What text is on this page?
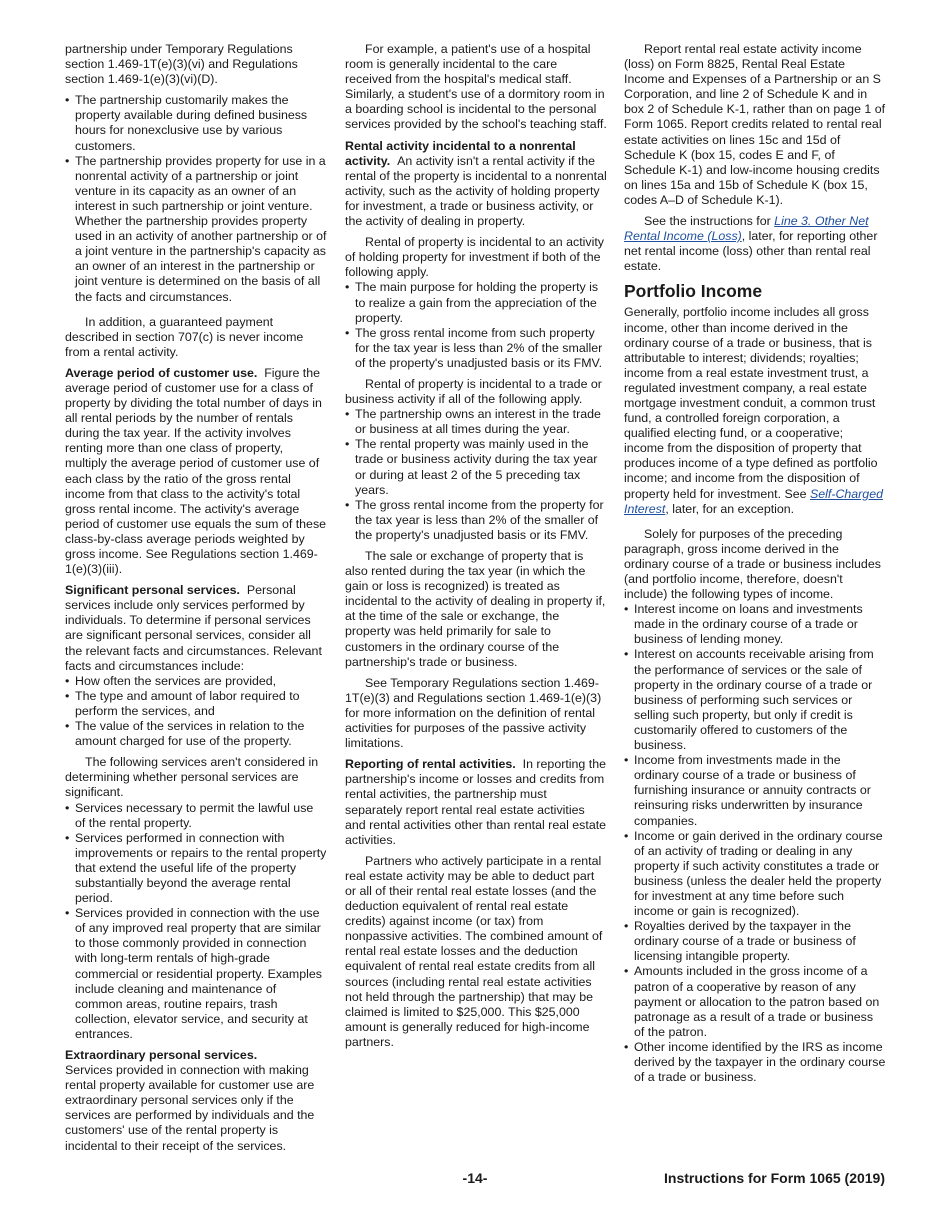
partnership under Temporary Regulations section 1.469-1T(e)(3)(vi) and Regulations section 1.469-1(e)(3)(vi)(D).

• The partnership customarily makes the property available during defined business hours for nonexclusive use by various customers.

• The partnership provides property for use in a nonrental activity of a partnership or joint venture in its capacity as an owner of an interest in such partnership or joint venture. Whether the partnership provides property used in an activity of another partnership or of a joint venture in the partnership's capacity as an owner of an interest in the partnership or joint venture is determined on the basis of all the facts and circumstances.

In addition, a guaranteed payment described in section 707(c) is never income from a rental activity.

Average period of customer use. Figure the average period of customer use for a class of property by dividing the total number of days in all rental periods by the number of rentals during the tax year. If the activity involves renting more than one class of property, multiply the average period of customer use of each class by the ratio of the gross rental income from that class to the activity's total gross rental income. The activity's average period of customer use equals the sum of these class-by-class average periods weighted by gross income. See Regulations section 1.469-1(e)(3)(iii).

Significant personal services. Personal services include only services performed by individuals. To determine if personal services are significant personal services, consider all the relevant facts and circumstances. Relevant facts and circumstances include:

• How often the services are provided,

• The type and amount of labor required to perform the services, and

• The value of the services in relation to the amount charged for use of the property.

The following services aren't considered in determining whether personal services are significant.

• Services necessary to permit the lawful use of the rental property.

• Services performed in connection with improvements or repairs to the rental property that extend the useful life of the property substantially beyond the average rental period.

• Services provided in connection with the use of any improved real property that are similar to those commonly provided in connection with long-term rentals of high-grade commercial or residential property. Examples include cleaning and maintenance of common areas, routine repairs, trash collection, elevator service, and security at entrances.

Extraordinary personal services.
Services provided in connection with making rental property available for customer use are extraordinary personal services only if the services are performed by individuals and the customers' use of the rental property is incidental to their receipt of the services.

For example, a patient's use of a hospital room is generally incidental to the care received from the hospital's medical staff. Similarly, a student's use of a dormitory room in a boarding school is incidental to the personal services provided by the school's teaching staff.

Rental activity incidental to a nonrental activity. An activity isn't a rental activity if the rental of the property is incidental to a nonrental activity, such as the activity of holding property for investment, a trade or business activity, or the activity of dealing in property.

Rental of property is incidental to an activity of holding property for investment if both of the following apply.

• The main purpose for holding the property is to realize a gain from the appreciation of the property.

• The gross rental income from such property for the tax year is less than 2% of the smaller of the property's unadjusted basis or its FMV.

Rental of property is incidental to a trade or business activity if all of the following apply.

• The partnership owns an interest in the trade or business at all times during the year.

• The rental property was mainly used in the trade or business activity during the tax year or during at least 2 of the 5 preceding tax years.

• The gross rental income from the property for the tax year is less than 2% of the smaller of the property's unadjusted basis or its FMV.

The sale or exchange of property that is also rented during the tax year (in which the gain or loss is recognized) is treated as incidental to the activity of dealing in property if, at the time of the sale or exchange, the property was held primarily for sale to customers in the ordinary course of the partnership's trade or business.

See Temporary Regulations section 1.469-1T(e)(3) and Regulations section 1.469-1(e)(3) for more information on the definition of rental activities for purposes of the passive activity limitations.

Reporting of rental activities. In reporting the partnership's income or losses and credits from rental activities, the partnership must separately report rental real estate activities and rental activities other than rental real estate activities.

Partners who actively participate in a rental real estate activity may be able to deduct part or all of their rental real estate losses (and the deduction equivalent of rental real estate credits) against income (or tax) from nonpassive activities. The combined amount of rental real estate losses and the deduction equivalent of rental real estate credits from all sources (including rental real estate activities not held through the partnership) that may be claimed is limited to $25,000. This $25,000 amount is generally reduced for high-income partners.

Report rental real estate activity income (loss) on Form 8825, Rental Real Estate Income and Expenses of a Partnership or an S Corporation, and line 2 of Schedule K and in box 2 of Schedule K-1, rather than on page 1 of Form 1065. Report credits related to rental real estate activities on lines 15c and 15d of Schedule K (box 15, codes E and F, of Schedule K-1) and low-income housing credits on lines 15a and 15b of Schedule K (box 15, codes A–D of Schedule K-1).

See the instructions for Line 3. Other Net Rental Income (Loss), later, for reporting other net rental income (loss) other than rental real estate.

Portfolio Income

Generally, portfolio income includes all gross income, other than income derived in the ordinary course of a trade or business, that is attributable to interest; dividends; royalties; income from a real estate investment trust, a regulated investment company, a real estate mortgage investment conduit, a common trust fund, a controlled foreign corporation, a qualified electing fund, or a cooperative; income from the disposition of property that produces income of a type defined as portfolio income; and income from the disposition of property held for investment. See Self-Charged Interest, later, for an exception.

Solely for purposes of the preceding paragraph, gross income derived in the ordinary course of a trade or business includes (and portfolio income, therefore, doesn't include) the following types of income.

• Interest income on loans and investments made in the ordinary course of a trade or business of lending money.

• Interest on accounts receivable arising from the performance of services or the sale of property in the ordinary course of a trade or business of performing such services or selling such property, but only if credit is customarily offered to customers of the business.

• Income from investments made in the ordinary course of a trade or business of furnishing insurance or annuity contracts or reinsuring risks underwritten by insurance companies.

• Income or gain derived in the ordinary course of an activity of trading or dealing in any property if such activity constitutes a trade or business (unless the dealer held the property for investment at any time before such income or gain is recognized).

• Royalties derived by the taxpayer in the ordinary course of a trade or business of licensing intangible property.

• Amounts included in the gross income of a patron of a cooperative by reason of any payment or allocation to the patron based on patronage as a result of a trade or business of the patron.

• Other income identified by the IRS as income derived by the taxpayer in the ordinary course of a trade or business.

-14-	Instructions for Form 1065 (2019)
